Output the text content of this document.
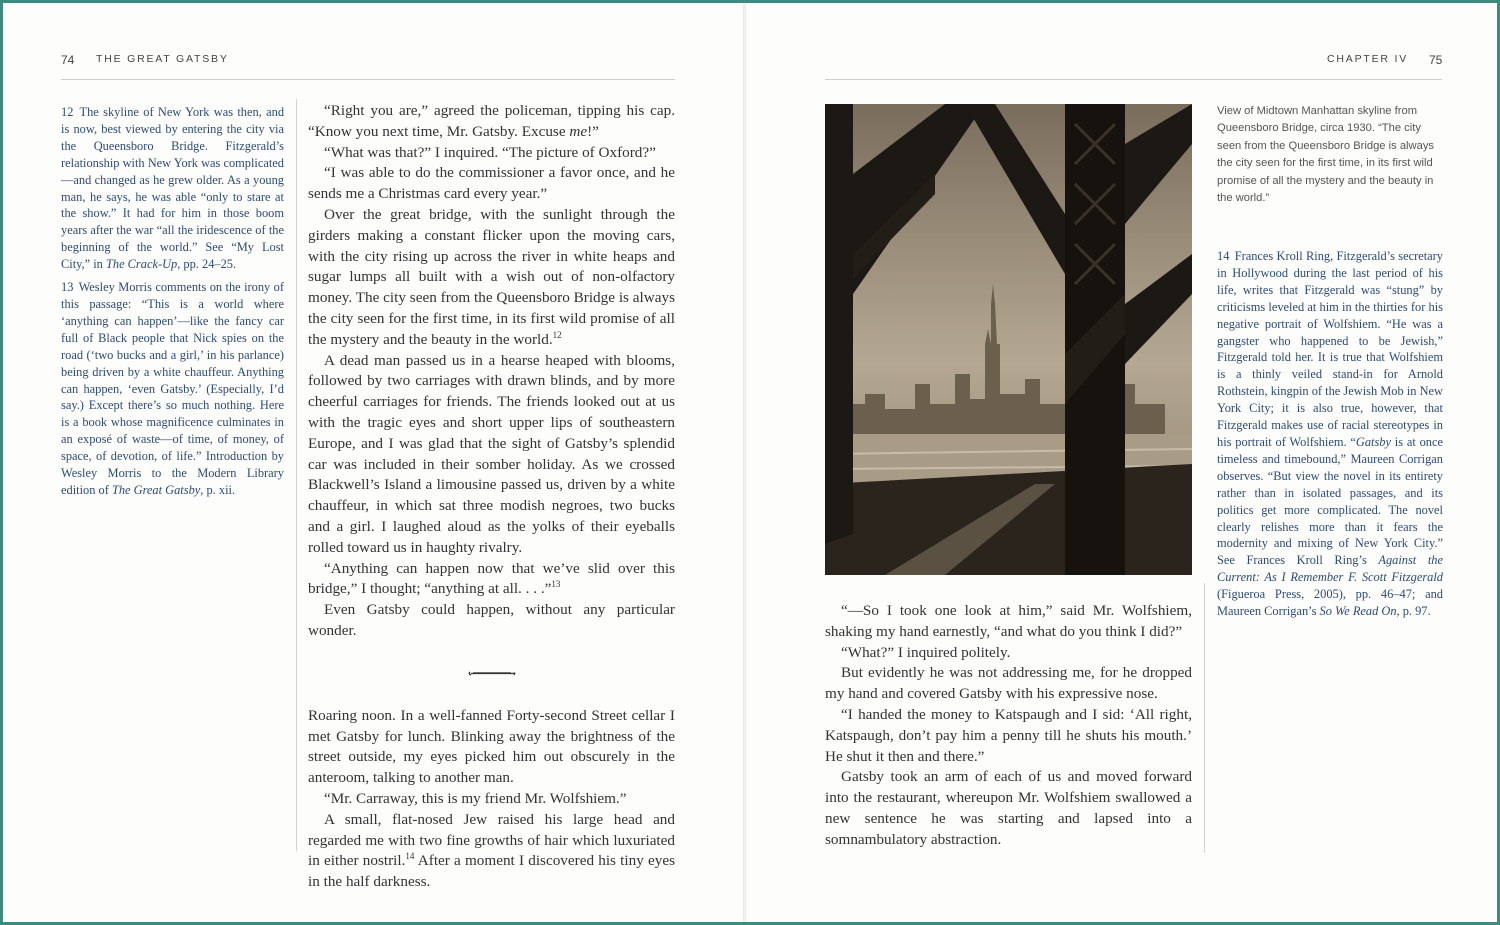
74 THE GREAT GATSBY

12 The skyline of New York was then, and is now, best viewed by entering the city via the Queensboro Bridge. Fitzgerald’s relationship with New York was complicated—and changed as he grew older. As a young man, he says, he was able “only to stare at the show.” It had for him in those boom years after the war “all the iridescence of the beginning of the world.” See “My Lost City,” in The Crack-Up, pp. 24–25.

13 Wesley Morris comments on the irony of this passage: “This is a world where ‘anything can happen’—like the fancy car full of Black people that Nick spies on the road (‘two bucks and a girl,’ in his parlance) being driven by a white chauffeur. Anything can happen, ‘even Gatsby.’ (Especially, I’d say.) Except there’s so much nothing. Here is a book whose magnificence culminates in an exposé of waste—of time, of money, of space, of devotion, of life.” Introduction by Wesley Morris to the Modern Library edition of The Great Gatsby, p. xii.

“Right you are,” agreed the policeman, tipping his cap. “Know you next time, Mr. Gatsby. Excuse me!”

“What was that?” I inquired. “The picture of Oxford?”

“I was able to do the commissioner a favor once, and he sends me a Christmas card every year.”

Over the great bridge, with the sunlight through the girders making a constant flicker upon the moving cars, with the city rising up across the river in white heaps and sugar lumps all built with a wish out of non-olfactory money. The city seen from the Queensboro Bridge is always the city seen for the first time, in its first wild promise of all the mystery and the beauty in the world.$^{12}$

A dead man passed us in a hearse heaped with blooms, followed by two carriages with drawn blinds, and by more cheerful carriages for friends. The friends looked out at us with the tragic eyes and short upper lips of southeastern Europe, and I was glad that the sight of Gatsby’s splendid car was included in their somber holiday. As we crossed Blackwell’s Island a limousine passed us, driven by a white chauffeur, in which sat three modish negroes, two bucks and a girl. I laughed aloud as the yolks of their eyeballs rolled toward us in haughty rivalry.

“Anything can happen now that we’ve slid over this bridge,” I thought; “anything at all. . . .”$^{13}$

Even Gatsby could happen, without any particular wonder.

Roaring noon. In a well-fanned Forty-second Street cellar I met Gatsby for lunch. Blinking away the brightness of the street outside, my eyes picked him out obscurely in the anteroom, talking to another man.

“Mr. Carraway, this is my friend Mr. Wolfshiem.”

A small, flat-nosed Jew raised his large head and regarded me with two fine growths of hair which luxuriated in either nostril.$^{14}$ After a moment I discovered his tiny eyes in the half darkness.

CHAPTER IV 75
View of Midtown Manhattan skyline from Queensboro Bridge, circa 1930. “The city seen from the Queensboro Bridge is always the city seen for the first time, in its first wild promise of all the mystery and the beauty in the world.”

14 Frances Kroll Ring, Fitzgerald’s secretary in Hollywood during the last period of his life, writes that Fitzgerald was “stung” by criticisms leveled at him in the thirties for his negative portrait of Wolfshiem. “He was a gangster who happened to be Jewish,” Fitzgerald told her. It is true that Wolfshiem is a thinly veiled stand-in for Arnold Rothstein, kingpin of the Jewish Mob in New York City; it is also true, however, that Fitzgerald makes use of racial stereotypes in his portrait of Wolfshiem. “Gatsby is at once timeless and timebound,” Maureen Corrigan observes. “But view the novel in its entirety rather than in isolated passages, and its politics get more complicated. The novel clearly relishes more than it fears the modernity and mixing of New York City.” See Frances Kroll Ring’s Against the Current: As I Remember F. Scott Fitzgerald (Figueroa Press, 2005), pp. 46–47; and Maureen Corrigan’s So We Read On, p. 97.

“—So I took one look at him,” said Mr. Wolfshiem, shaking my hand earnestly, “and what do you think I did?”

“What?” I inquired politely.

But evidently he was not addressing me, for he dropped my hand and covered Gatsby with his expressive nose.

“I handed the money to Katspaugh and I sid: ‘All right, Katspaugh, don’t pay him a penny till he shuts his mouth.’ He shut it then and there.”

Gatsby took an arm of each of us and moved forward into the restaurant, whereupon Mr. Wolfshiem swallowed a new sentence he was starting and lapsed into a somnambulatory abstraction.
